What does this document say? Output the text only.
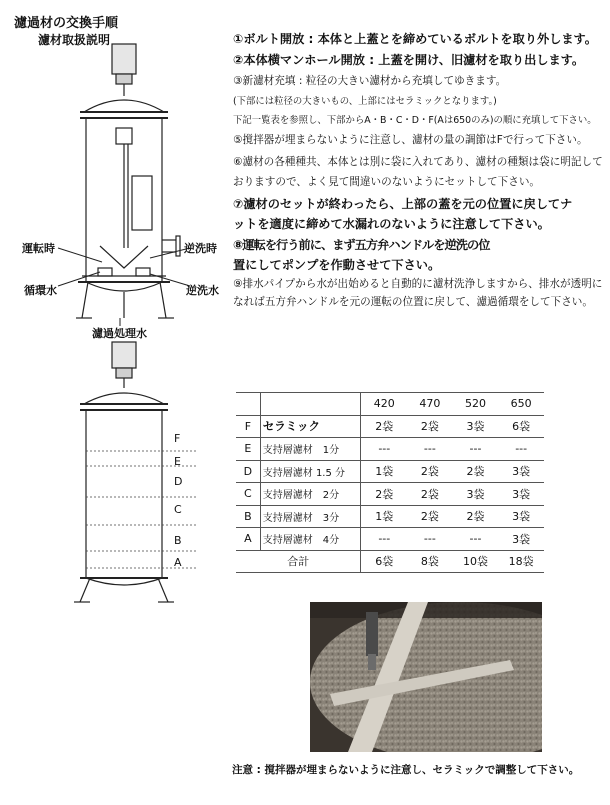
濾過材の交換手順
濾材取扱説明	①ボルト開放 : 本体と上蓋とを締めているボルトを取り外します。
②本体横マンホール開放 : 上蓋を開け、旧濾材を取り出します。
③新濾材充填 : 粒径の大きい濾材から充填してゆきます。
(下部には粒径の大きいもの、上部にはセラミックとなります。)
下記一覧表を参照し、下部からA・B・C・D・F(Aは650のみ)の順に充填して下さい。
⑤撹拌器が埋まらないように注意し、濾材の量の調節はFで行って下さい。
⑥濾材の各種種共、本体とは別に袋に入れてあり、濾材の種類は袋に明記して
おりますので、よく見て間違いのないようにセットして下さい。
⑦濾材のセットが終わったら、上部の蓋を元の位置に戻してナ
ットを適度に締めて水漏れのないように注意して下さい。
⑧ 運 転 を 行 う 前 に 、 ま ず 五 方 弁 ハ ン ド ル を 逆 洗 の 位
置にしてポンプを作動させて下さい。
⑨排水パイプから水が出始めると自動的に濾材洗浄しますから、排水が透明に
なれば五方弁ハンドルを元の運転の位置に戻して、濾過循環をして下さい。
運転時	逆洗時
循環水	逆洗水
濾過処理水
F
E
D
C
B
A
		420	470	520	650
F	セラミック	2袋	2袋	3袋	6袋
E	支持層濾材　1分	---	---	---	---
D	支持層濾材 1.5 分	1袋	2袋	2袋	3袋
C	支持層濾材　2分	2袋	2袋	3袋	3袋
B	支持層濾材　3分	1袋	2袋	2袋	3袋
A	支持層濾材　4分	---	---	---	3袋
合計		6袋	8袋	10袋	18袋
注意 : 撹拌器が埋まらないように注意し、セラミックで調整して下さい。
